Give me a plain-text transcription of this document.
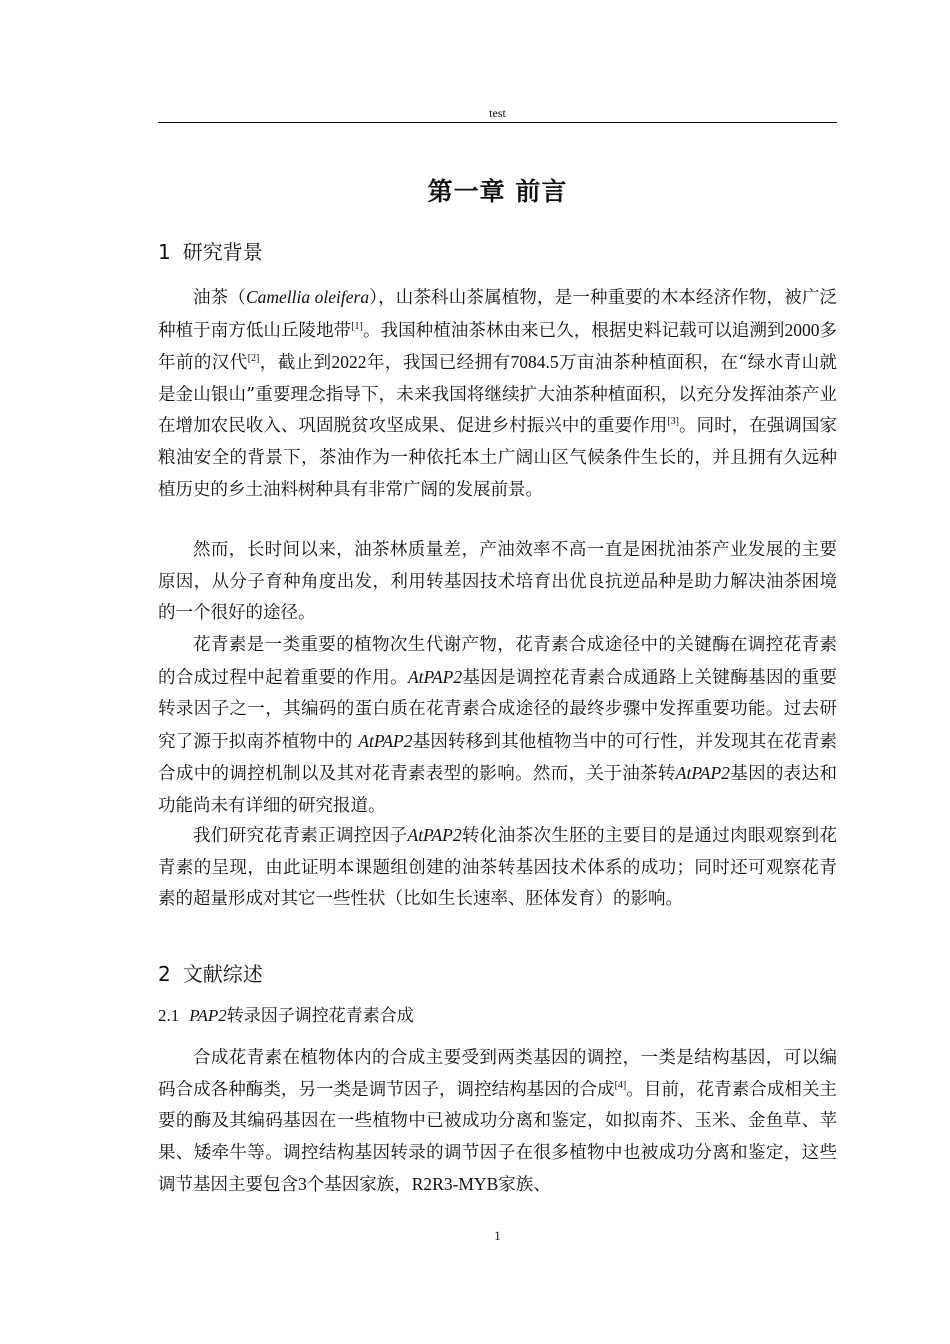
test
第一章 前言
1 研究背景

油茶（Camellia oleifera），山茶科山茶属植物，是一种重要的木本经济作物，被广泛种植于南方低山丘陵地带[1]。我国种植油茶林由来已久，根据史料记载可以追溯到2000多年前的汉代[2]，截止到2022年，我国已经拥有7084.5万亩油茶种植面积，在“绿水青山就是金山银山”重要理念指导下，未来我国将继续扩大油茶种植面积，以充分发挥油茶产业在增加农民收入、巩固脱贫攻坚成果、促进乡村振兴中的重要作用[3]。同时，在强调国家粮油安全的背景下，茶油作为一种依托本土广阔山区气候条件生长的，并且拥有久远种植历史的乡土油料树种具有非常广阔的发展前景。

然而，长时间以来，油茶林质量差，产油效率不高一直是困扰油茶产业发展的主要原因，从分子育种角度出发，利用转基因技术培育出优良抗逆品种是助力解决油茶困境的一个很好的途径。

花青素是一类重要的植物次生代谢产物，花青素合成途径中的关键酶在调控花青素的合成过程中起着重要的作用。AtPAP2基因是调控花青素合成通路上关键酶基因的重要转录因子之一，其编码的蛋白质在花青素合成途径的最终步骤中发挥重要功能。过去研究了源于拟南芥植物中的 AtPAP2基因转移到其他植物当中的可行性，并发现其在花青素合成中的调控机制以及其对花青素表型的影响。然而，关于油茶转AtPAP2基因的表达和功能尚未有详细的研究报道。

我们研究花青素正调控因子AtPAP2转化油茶次生胚的主要目的是通过肉眼观察到花青素的呈现，由此证明本课题组创建的油茶转基因技术体系的成功；同时还可观察花青素的超量形成对其它一些性状（比如生长速率、胚体发育）的影响。

2 文献综述
2.1 PAP2转录因子调控花青素合成

合成花青素在植物体内的合成主要受到两类基因的调控，一类是结构基因，可以编码合成各种酶类，另一类是调节因子，调控结构基因的合成[4]。目前，花青素合成相关主要的酶及其编码基因在一些植物中已被成功分离和鉴定，如拟南芥、玉米、金鱼草、苹果、矮牵牛等。调控结构基因转录的调节因子在很多植物中也被成功分离和鉴定，这些调节基因主要包含3个基因家族，R2R3-MYB家族、

1
